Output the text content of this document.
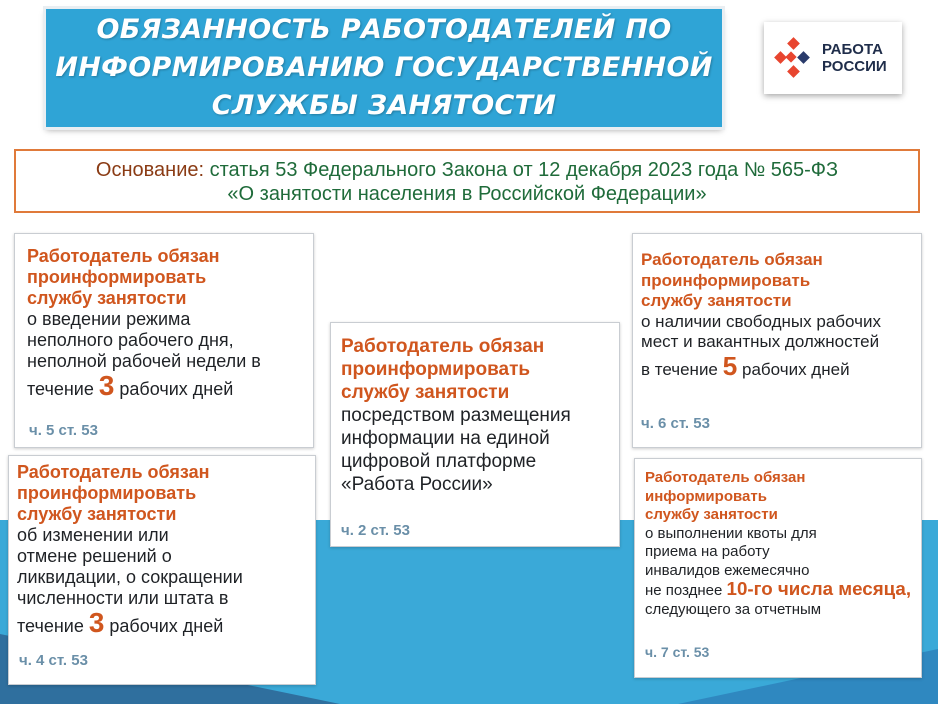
ОБЯЗАННОСТЬ РАБОТОДАТЕЛЕЙ ПО
ИНФОРМИРОВАНИЮ ГОСУДАРСТВЕННОЙ
СЛУЖБЫ ЗАНЯТОСТИ
РАБОТА
РОССИИ
Основание: статья 53 Федерального Закона от 12 декабря 2023 года № 565-ФЗ
«О занятости населения в Российской Федерации»
Работодатель обязан
проинформировать
службу занятости
о введении режима
неполного рабочего дня,
неполной рабочей недели в
течение 3 рабочих дней
ч. 5 ст. 53
Работодатель обязан
проинформировать
службу занятости
посредством размещения
информации на единой
цифровой платформе
«Работа России»
ч. 2 ст. 53
Работодатель обязан
проинформировать
службу занятости
об изменении или
отмене решений о
ликвидации, о сокращении
численности или штата в
течение 3 рабочих дней
ч. 4 ст. 53
Работодатель обязан
проинформировать
службу занятости
о наличии свободных рабочих
мест и вакантных должностей
в течение 5 рабочих дней
ч. 6 ст. 53
Работодатель обязан
информировать
службу занятости
о выполнении квоты для
приема на работу
инвалидов ежемесячно
не позднее 10-го числа месяца,
следующего за отчетным
ч. 7 ст. 53
